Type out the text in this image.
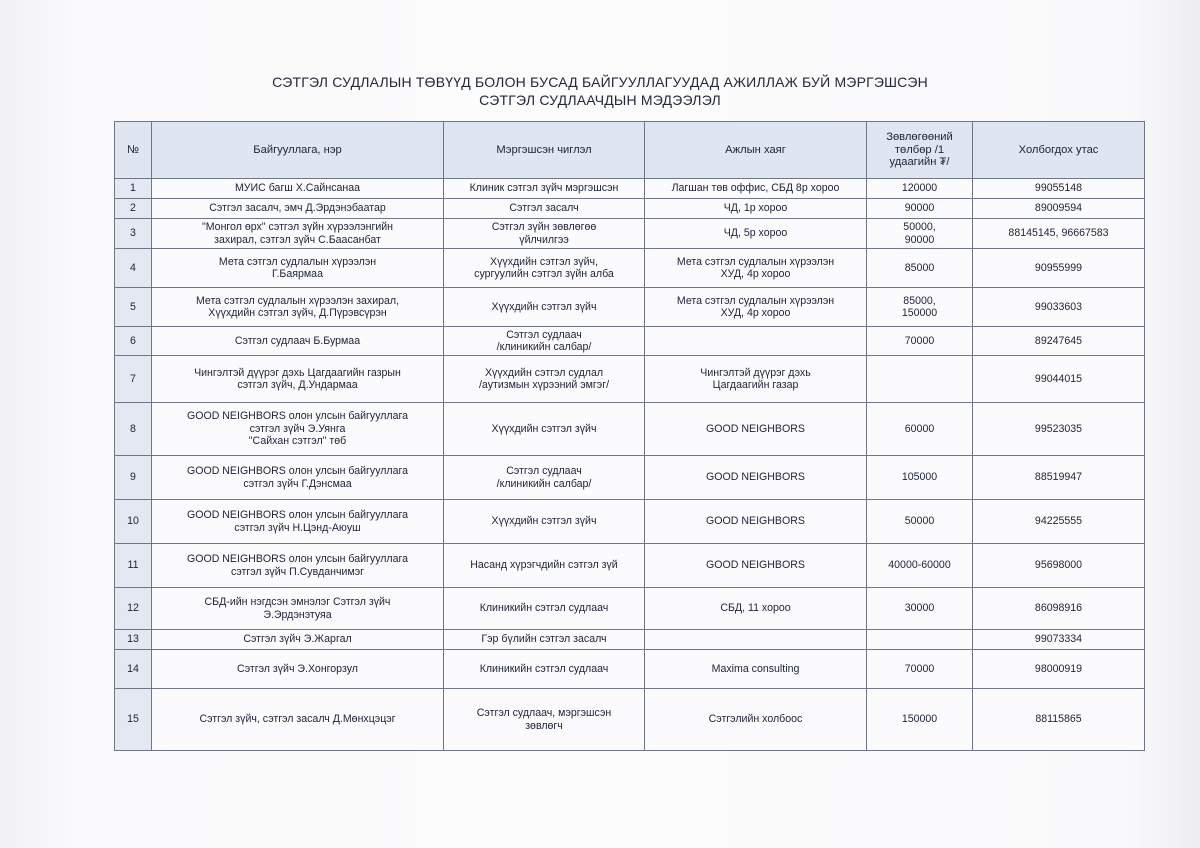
СЭТГЭЛ СУДЛАЛЫН ТӨВҮҮД БОЛОН БУСАД БАЙГУУЛЛАГУУДАД АЖИЛЛАЖ БУЙ МЭРГЭШСЭН
СЭТГЭЛ СУДЛААЧДЫН МЭДЭЭЛЭЛ
№	Байгууллага, нэр	Мэргэшсэн чиглэл	Ажлын хаяг	Зөвлөгөөний төлбөр /1 удаагийн ₮/	Холбогдох утас

1	МУИС багш Х.Сайнсанаа	Клиник сэтгэл зүйч мэргэшсэн	Лагшан төв оффис, СБД 8р хороо	120000	99055148

2	Сэтгэл засалч, эмч Д.Эрдэнэбаатар	Сэтгэл засалч	ЧД, 1р хороо	90000	89009594

3	"Монгол өрх" сэтгэл зүйн хүрээлэнгийн
захирал, сэтгэл зүйч С.Баасанбат	Сэтгэл зүйн зөвлөгөө
үйлчилгээ	ЧД, 5р хороо	50000,
90000	88145145, 96667583

4	Мета сэтгэл судлалын хүрээлэн
Г.Баярмаа	Хүүхдийн сэтгэл зүйч,
сургуулийн сэтгэл зүйн алба	Мета сэтгэл судлалын хүрээлэн
ХУД, 4р хороо	85000	90955999

5	Мета сэтгэл судлалын хүрээлэн захирал,
Хүүхдийн сэтгэл зүйч, Д.Пүрэвсүрэн	Хүүхдийн сэтгэл зүйч	Мета сэтгэл судлалын хүрээлэн
ХУД, 4р хороо	85000,
150000	99033603

6	Сэтгэл судлаач Б.Бурмаа	Сэтгэл судлаач
/клиникийн салбар/		70000	89247645

7	Чингэлтэй дүүрэг дэхь Цагдаагийн газрын
сэтгэл зүйч, Д.Ундармаа	Хүүхдийн сэтгэл судлал
/аутизмын хүрээний эмгэг/	Чингэлтэй дүүрэг дэхь
Цагдаагийн газар		99044015

8	GOOD NEIGHBORS олон улсын байгууллага
сэтгэл зүйч Э.Уянга
"Сайхан сэтгэл" төб	Хүүхдийн сэтгэл зүйч	GOOD NEIGHBORS	60000	99523035

9	GOOD NEIGHBORS олон улсын байгууллага
сэтгэл зүйч Г.Дэнсмаа	Сэтгэл судлаач
/клиникийн салбар/	GOOD NEIGHBORS	105000	88519947

10	GOOD NEIGHBORS олон улсын байгууллага
сэтгэл зүйч Н.Цэнд-Аюуш	Хүүхдийн сэтгэл зүйч	GOOD NEIGHBORS	50000	94225555

11	GOOD NEIGHBORS олон улсын байгууллага
сэтгэл зүйч П.Сувданчимэг	Насанд хүрэгчдийн сэтгэл зүй	GOOD NEIGHBORS	40000-60000	95698000

12	СБД-ийн нэгдсэн эмнэлэг Сэтгэл зүйч
Э.Эрдэнэтуяа	Клиникийн сэтгэл судлаач	СБД, 11 хороо	30000	86098916

13	Сэтгэл зүйч Э.Жаргал	Гэр бүлийн сэтгэл засалч			99073334

14	Сэтгэл зүйч Э.Хонгорзул	Клиникийн сэтгэл судлаач	Maxima consulting	70000	98000919

15	Сэтгэл зүйч, сэтгэл засалч Д.Мөнхцэцэг	Сэтгэл судлаач, мэргэшсэн
зөвлөгч	Сэтгэлийн холбоос	150000	88115865
